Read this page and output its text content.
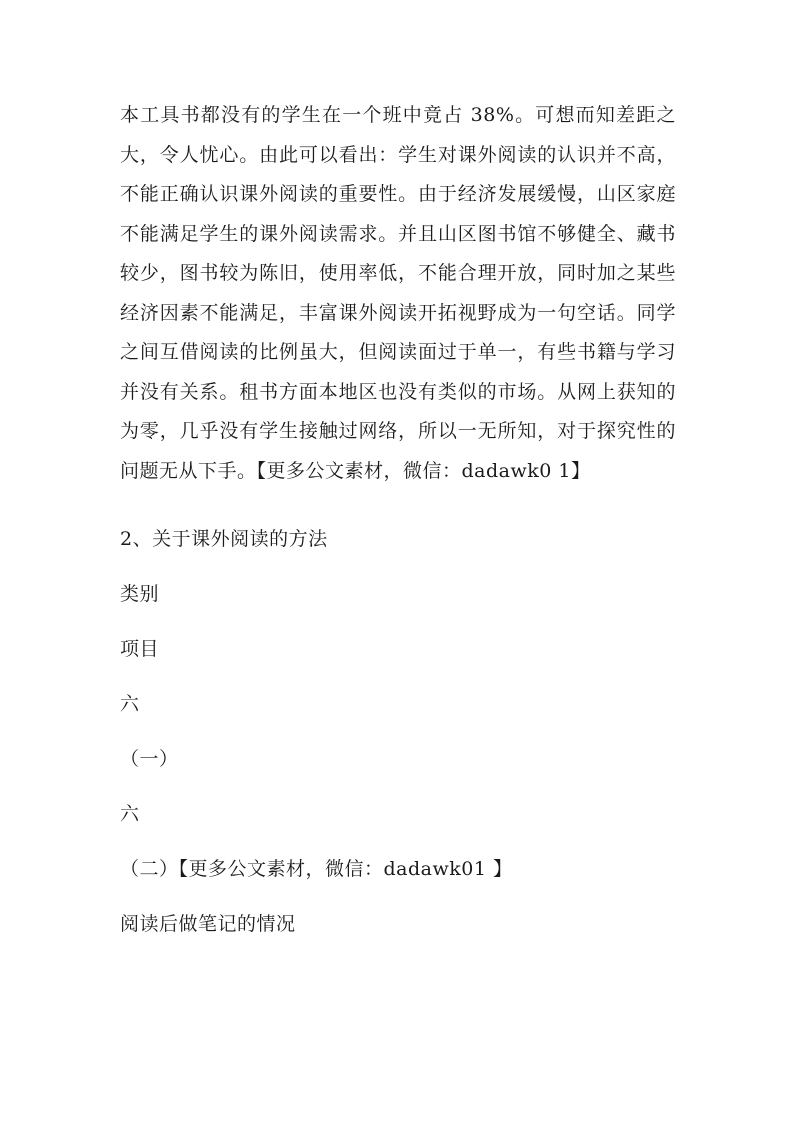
本工具书都没有的学生在一个班中竟占 38%。可想而知差距之大，令人忧心。由此可以看出：学生对课外阅读的认识并不高，不能正确认识课外阅读的重要性。由于经济发展缓慢，山区家庭不能满足学生的课外阅读需求。并且山区图书馆不够健全、藏书较少，图书较为陈旧，使用率低，不能合理开放，同时加之某些经济因素不能满足，丰富课外阅读开拓视野成为一句空话。同学之间互借阅读的比例虽大，但阅读面过于单一，有些书籍与学习并没有关系。租书方面本地区也没有类似的市场。从网上获知的为零，几乎没有学生接触过网络，所以一无所知，对于探究性的问题无从下手。【更多公文素材，微信：dadawk0 1】

2、关于课外阅读的方法

类别

项目

六

（一）

六

（二）【更多公文素材，微信：dadawk01 】

阅读后做笔记的情况
